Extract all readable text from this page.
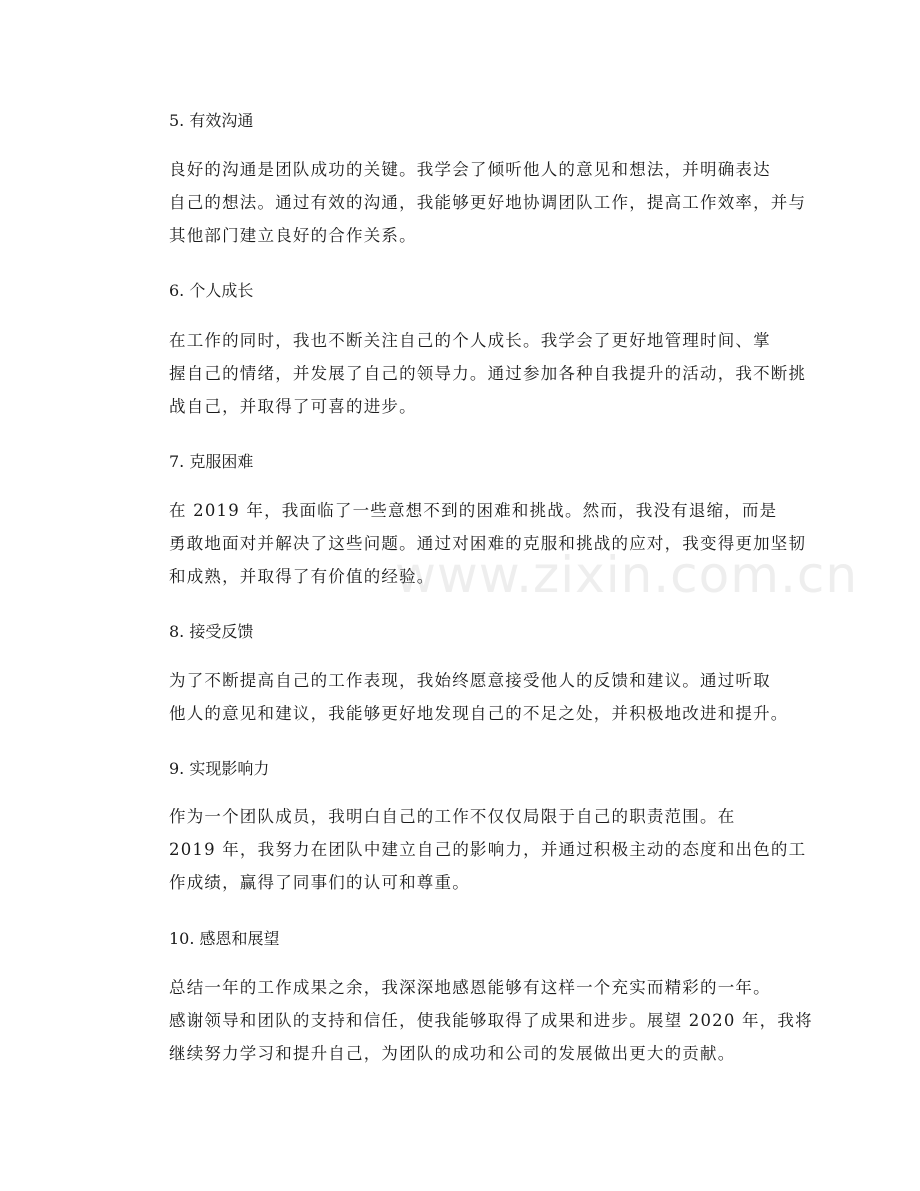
www.zixin.com.cn
5. 有效沟通
良好的沟通是团队成功的关键。我学会了倾听他人的意见和想法，并明确表达
自己的想法。通过有效的沟通，我能够更好地协调团队工作，提高工作效率，并与
其他部门建立良好的合作关系。
6. 个人成长
在工作的同时，我也不断关注自己的个人成长。我学会了更好地管理时间、掌
握自己的情绪，并发展了自己的领导力。通过参加各种自我提升的活动，我不断挑
战自己，并取得了可喜的进步。
7. 克服困难
在 2019 年，我面临了一些意想不到的困难和挑战。然而，我没有退缩，而是
勇敢地面对并解决了这些问题。通过对困难的克服和挑战的应对，我变得更加坚韧
和成熟，并取得了有价值的经验。
8. 接受反馈
为了不断提高自己的工作表现，我始终愿意接受他人的反馈和建议。通过听取
他人的意见和建议，我能够更好地发现自己的不足之处，并积极地改进和提升。
9. 实现影响力
作为一个团队成员，我明白自己的工作不仅仅局限于自己的职责范围。在
2019 年，我努力在团队中建立自己的影响力，并通过积极主动的态度和出色的工
作成绩，赢得了同事们的认可和尊重。
10. 感恩和展望
总结一年的工作成果之余，我深深地感恩能够有这样一个充实而精彩的一年。
感谢领导和团队的支持和信任，使我能够取得了成果和进步。展望 2020 年，我将
继续努力学习和提升自己，为团队的成功和公司的发展做出更大的贡献。
